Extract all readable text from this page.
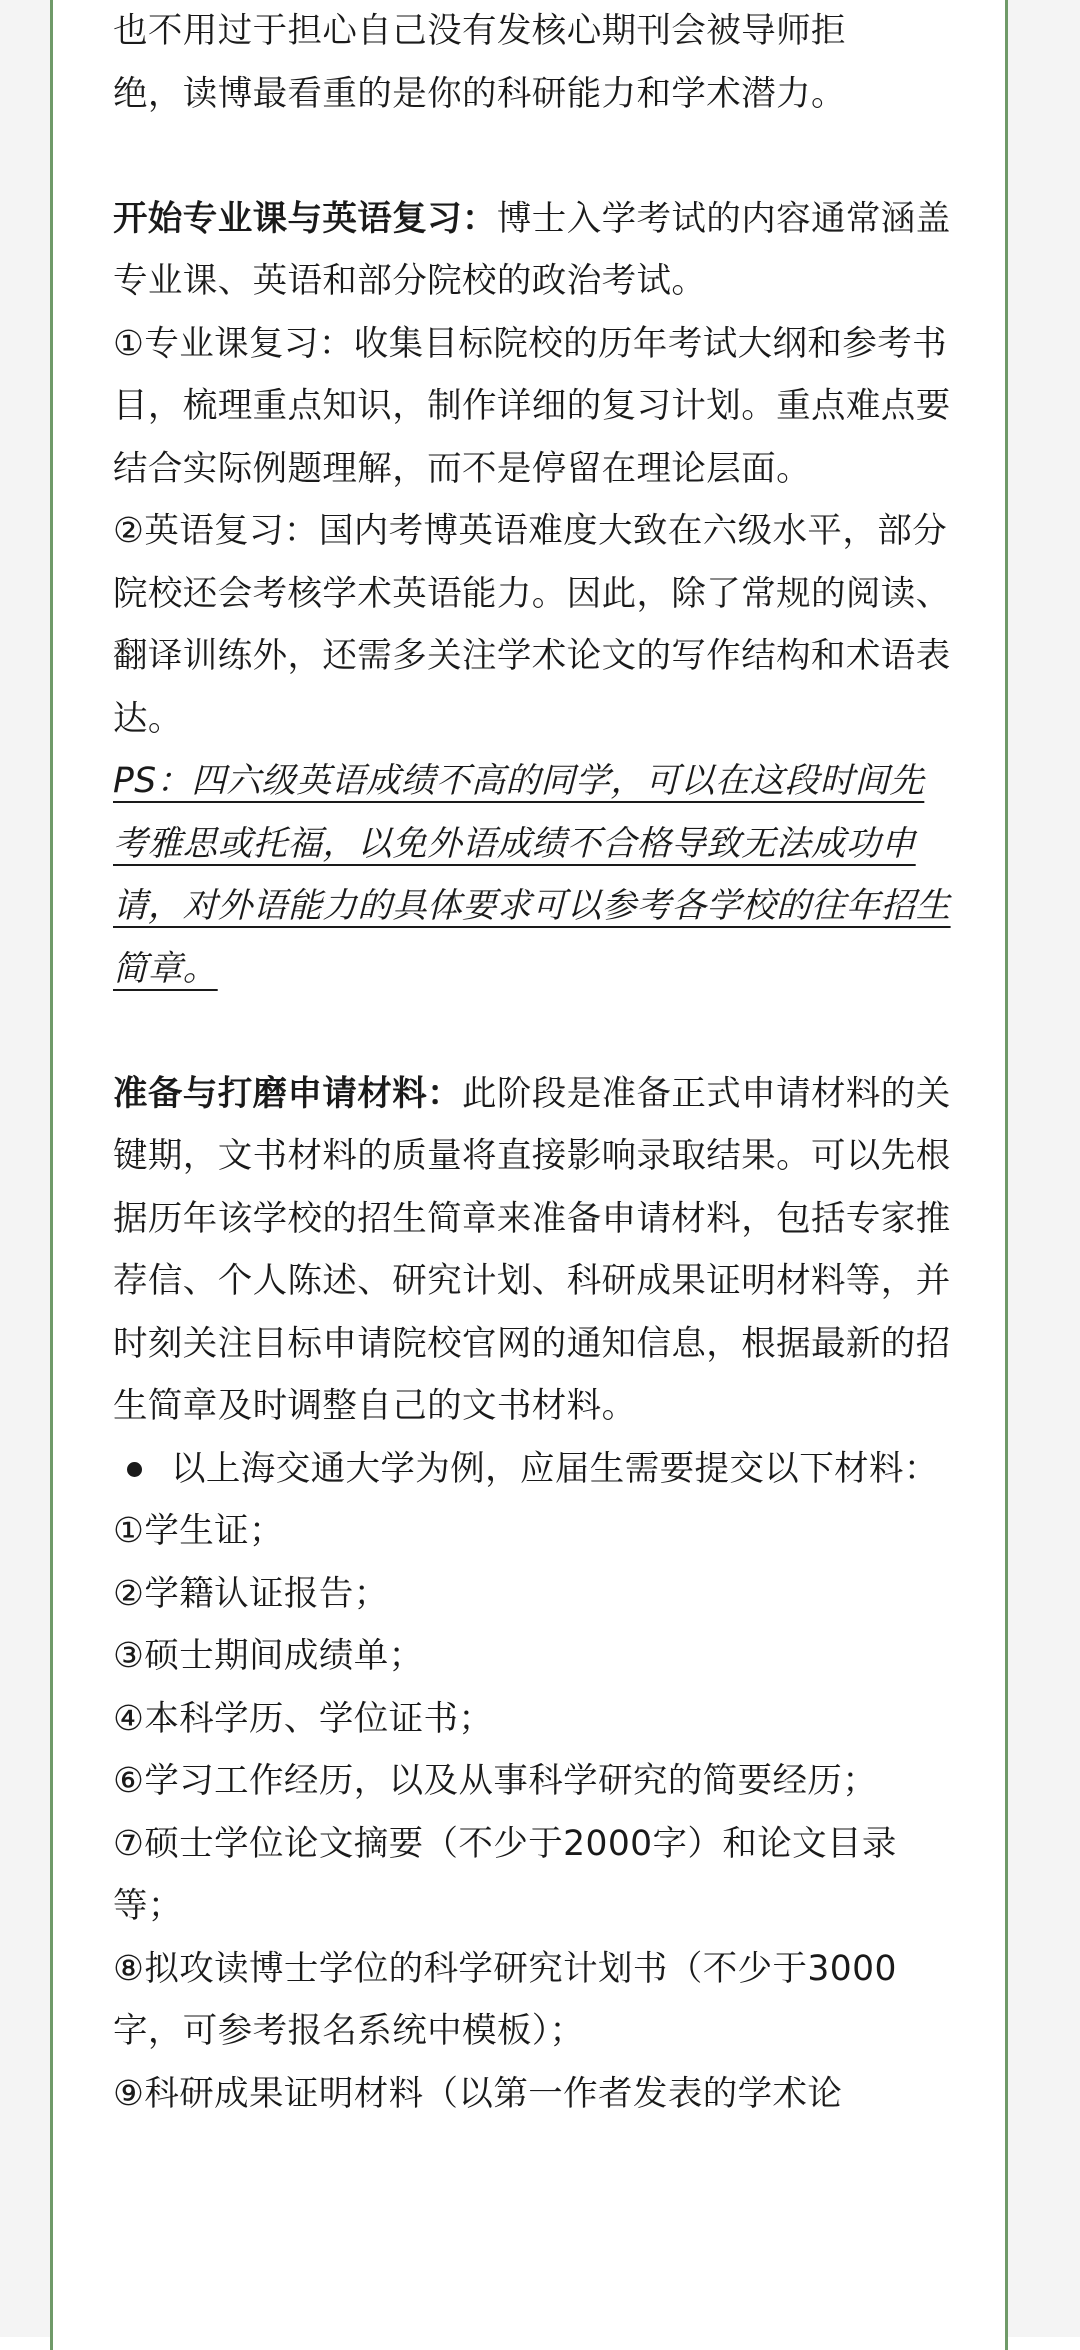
也不用过于担心自己没有发核心期刊会被导师拒
绝，读博最看重的是你的科研能力和学术潜力。

开始专业课与英语复习：博士入学考试的内容通常涵盖专业课、英语和部分院校的政治考试。

①专业课复习：收集目标院校的历年考试大纲和参考书目，梳理重点知识，制作详细的复习计划。重点难点要结合实际例题理解，而不是停留在理论层面。

②英语复习：国内考博英语难度大致在六级水平，部分院校还会考核学术英语能力。因此，除了常规的阅读、翻译训练外，还需多关注学术论文的写作结构和术语表达。

PS：四六级英语成绩不高的同学，可以在这段时间先考雅思或托福，以免外语成绩不合格导致无法成功申请，对外语能力的具体要求可以参考各学校的往年招生简章。

准备与打磨申请材料：此阶段是准备正式申请材料的关键期，文书材料的质量将直接影响录取结果。可以先根据历年该学校的招生简章来准备申请材料，包括专家推荐信、个人陈述、研究计划、科研成果证明材料等，并时刻关注目标申请院校官网的通知信息，根据最新的招生简章及时调整自己的文书材料。

以上海交通大学为例，应届生需要提交以下材料：

①学生证；

②学籍认证报告；

③硕士期间成绩单；

④本科学历、学位证书；

⑥学习工作经历，以及从事科学研究的简要经历；

⑦硕士学位论文摘要（不少于2000字）和论文目录等；

⑧拟攻读博士学位的科学研究计划书（不少于3000字，可参考报名系统中模板）；

⑨科研成果证明材料（以第一作者发表的学术论
